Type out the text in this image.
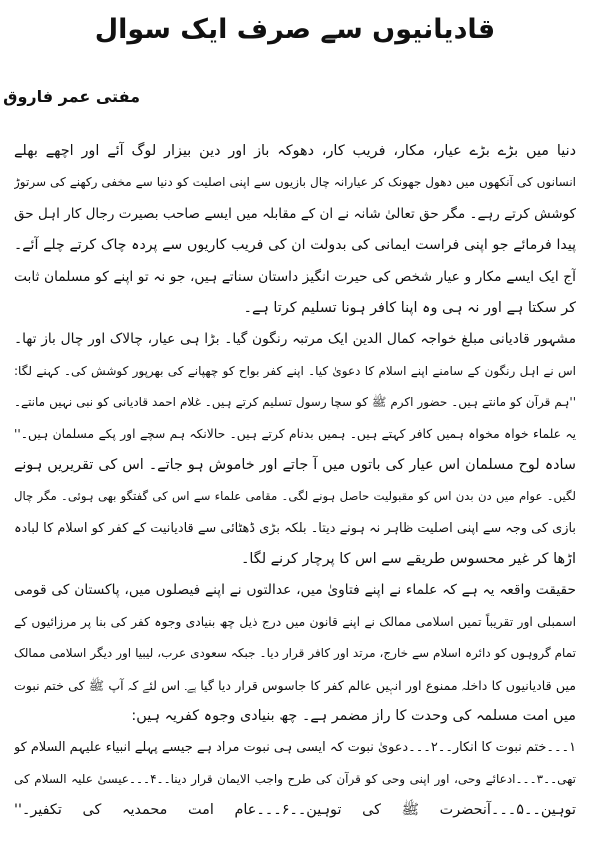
قادیانیوں سے صرف ایک سوال
مفتی عمر فاروق
دنیا میں بڑے بڑے عیار، مکار، فریب کار، دھوکہ باز اور دین بیزار لوگ آئے اور اچھے بھلے
انسانوں کی آنکھوں میں دھول جھونک کر عیارانہ چال بازیوں سے اپنی اصلیت کو دنیا سے مخفی رکھنے کی سرتوڑ
کوشش کرتے رہے۔ مگر حق تعالیٰ شانہ نے ان کے مقابلہ میں ایسے صاحب بصیرت رجال کار اہل حق
پیدا فرمائے جو اپنی فراست ایمانی کی بدولت ان کی فریب کاریوں سے پردہ چاک کرتے چلے آئے۔
آج ایک ایسے مکار و عیار شخص کی حیرت انگیز داستان سناتے ہیں، جو نہ تو اپنے کو مسلمان ثابت
کر سکتا ہے اور نہ ہی وہ اپنا کافر ہونا تسلیم کرتا ہے۔
مشہور قادیانی مبلغ خواجہ کمال الدین ایک مرتبہ رنگون گیا۔ بڑا ہی عیار، چالاک اور چال باز تھا۔
اس نے اہل رنگون کے سامنے اپنے اسلام کا دعویٰ کیا۔ اپنے کفر بواح کو چھپانے کی بھرپور کوشش کی۔ کہنے لگا:
''ہم قرآن کو مانتے ہیں۔ حضور اکرم ﷺ کو سچا رسول تسلیم کرتے ہیں۔ غلام احمد قادیانی کو نبی نہیں مانتے۔
یہ علماء خواہ مخواہ ہمیں کافر کہتے ہیں۔ ہمیں بدنام کرتے ہیں۔ حالانکہ ہم سچے اور پکے مسلمان ہیں۔''
سادہ لوح مسلمان اس عیار کی باتوں میں آ جاتے اور خاموش ہو جاتے۔ اس کی تقریریں ہونے
لگیں۔ عوام میں دن بدن اس کو مقبولیت حاصل ہونے لگی۔ مقامی علماء سے اس کی گفتگو بھی ہوئی۔ مگر چال
بازی کی وجہ سے اپنی اصلیت ظاہر نہ ہونے دیتا۔ بلکہ بڑی ڈھٹائی سے قادیانیت کے کفر کو اسلام کا لبادہ
اڑھا کر غیر محسوس طریقے سے اس کا پرچار کرنے لگا۔
حقیقت واقعہ یہ ہے کہ علماء نے اپنے فتاویٰ میں، عدالتوں نے اپنے فیصلوں میں، پاکستان کی قومی
اسمبلی اور تقریباً تمیں اسلامی ممالک نے اپنے قانون میں درج ذیل چھ بنیادی وجوہ کفر کی بنا پر مرزائیوں کے
تمام گروہوں کو دائرہ اسلام سے خارج، مرتد اور کافر قرار دیا۔ جبکہ سعودی عرب، لیبیا اور دیگر اسلامی ممالک
میں قادیانیوں کا داخلہ ممنوع اور انہیں عالم کفر کا جاسوس قرار دیا گیا ہے۔ اس لئے کہ آپ ﷺ کی ختم نبوت
میں امت مسلمہ کی وحدت کا راز مضمر ہے۔ چھ بنیادی وجوہ کفریہ ہیں:
۱۔۔۔ختم نبوت کا انکار۔۔۲۔۔۔دعویٰ نبوت کہ ایسی ہی نبوت مراد ہے جیسے پہلے انبیاء علیہم السلام کو
تھی۔۔۳۔۔۔ادعائے وحی، اور اپنی وحی کو قرآن کی طرح واجب الایمان قرار دینا۔۔۴۔۔۔عیسیٰ علیہ السلام کی
توہین۔۔۵۔۔۔آنحضرت ﷺ کی توہین۔۔۶۔۔۔عام امت محمدیہ کی تکفیر۔''
